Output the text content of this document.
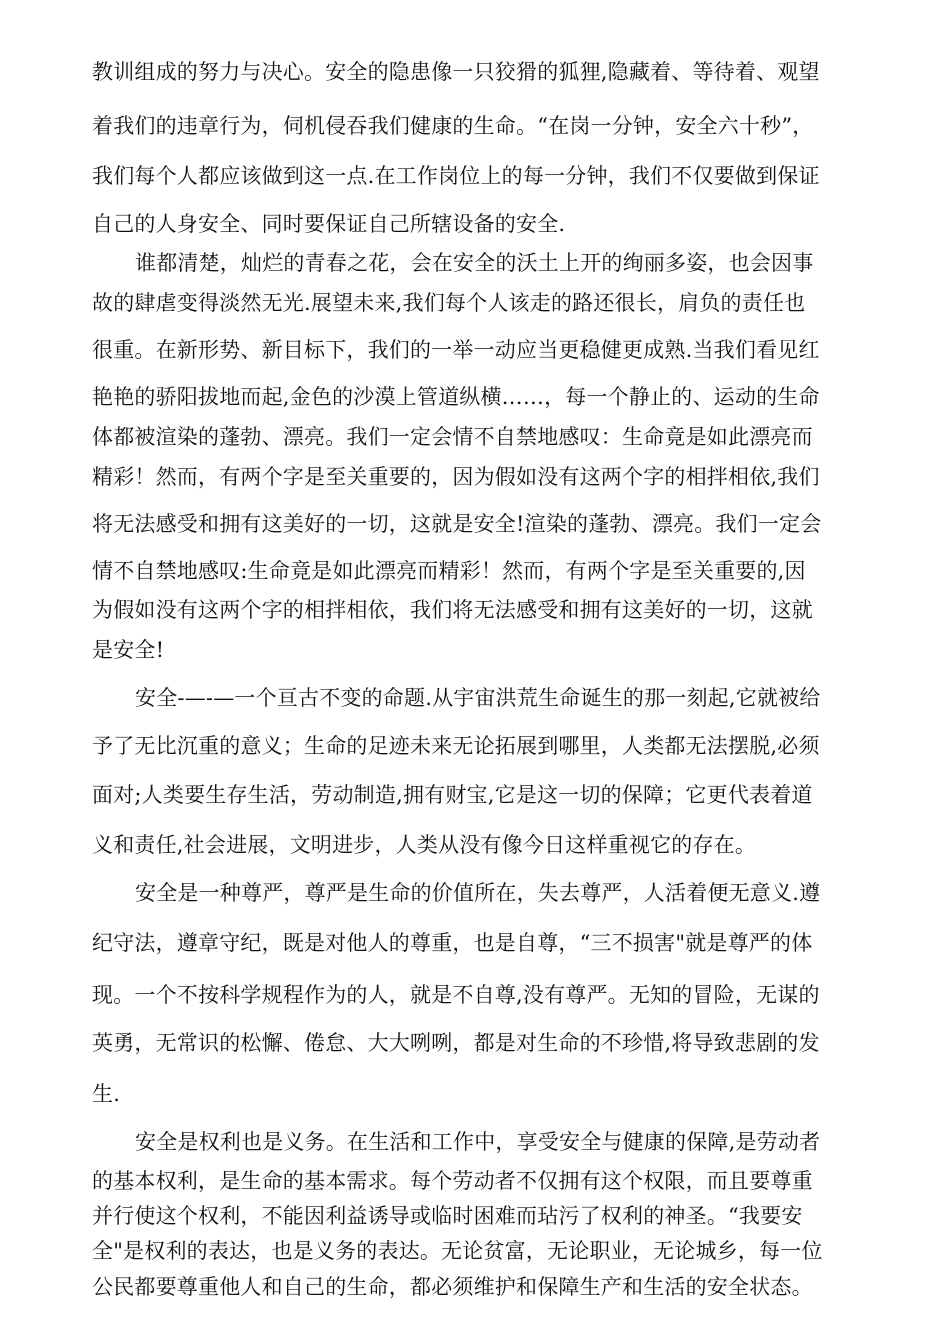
教训组成的努力与决心。安全的隐患像一只狡猾的狐狸,隐藏着、等待着、观望
着我们的违章行为，伺机侵吞我们健康的生命。“在岗一分钟，安全六十秒”，
我们每个人都应该做到这一点.在工作岗位上的每一分钟，我们不仅要做到保证
自己的人身安全、同时要保证自己所辖设备的安全.
谁都清楚，灿烂的青春之花，会在安全的沃土上开的绚丽多姿，也会因事
故的肆虐变得淡然无光.展望未来,我们每个人该走的路还很长，肩负的责任也
很重。在新形势、新目标下，我们的一举一动应当更稳健更成熟.当我们看见红
艳艳的骄阳拔地而起,金色的沙漠上管道纵横……，每一个静止的、运动的生命
体都被渲染的蓬勃、漂亮。我们一定会情不自禁地感叹：生命竟是如此漂亮而
精彩！然而，有两个字是至关重要的，因为假如没有这两个字的相拌相依,我们
将无法感受和拥有这美好的一切，这就是安全!渲染的蓬勃、漂亮。我们一定会
情不自禁地感叹:生命竟是如此漂亮而精彩！然而，有两个字是至关重要的,因
为假如没有这两个字的相拌相依，我们将无法感受和拥有这美好的一切，这就
是安全!
安全-—-—一个亘古不变的命题.从宇宙洪荒生命诞生的那一刻起,它就被给
予了无比沉重的意义；生命的足迹未来无论拓展到哪里，人类都无法摆脱,必须
面对;人类要生存生活，劳动制造,拥有财宝,它是这一切的保障；它更代表着道
义和责任,社会进展，文明进步，人类从没有像今日这样重视它的存在。
安全是一种尊严，尊严是生命的价值所在，失去尊严，人活着便无意义.遵
纪守法，遵章守纪，既是对他人的尊重，也是自尊，“三不损害"就是尊严的体
现。一个不按科学规程作为的人，就是不自尊,没有尊严。无知的冒险，无谋的
英勇，无常识的松懈、倦怠、大大咧咧，都是对生命的不珍惜,将导致悲剧的发
生.
安全是权利也是义务。在生活和工作中，享受安全与健康的保障,是劳动者
的基本权利，是生命的基本需求。每个劳动者不仅拥有这个权限，而且要尊重
并行使这个权利，不能因利益诱导或临时困难而玷污了权利的神圣。“我要安
全"是权利的表达，也是义务的表达。无论贫富，无论职业，无论城乡，每一位
公民都要尊重他人和自己的生命，都必须维护和保障生产和生活的安全状态。
